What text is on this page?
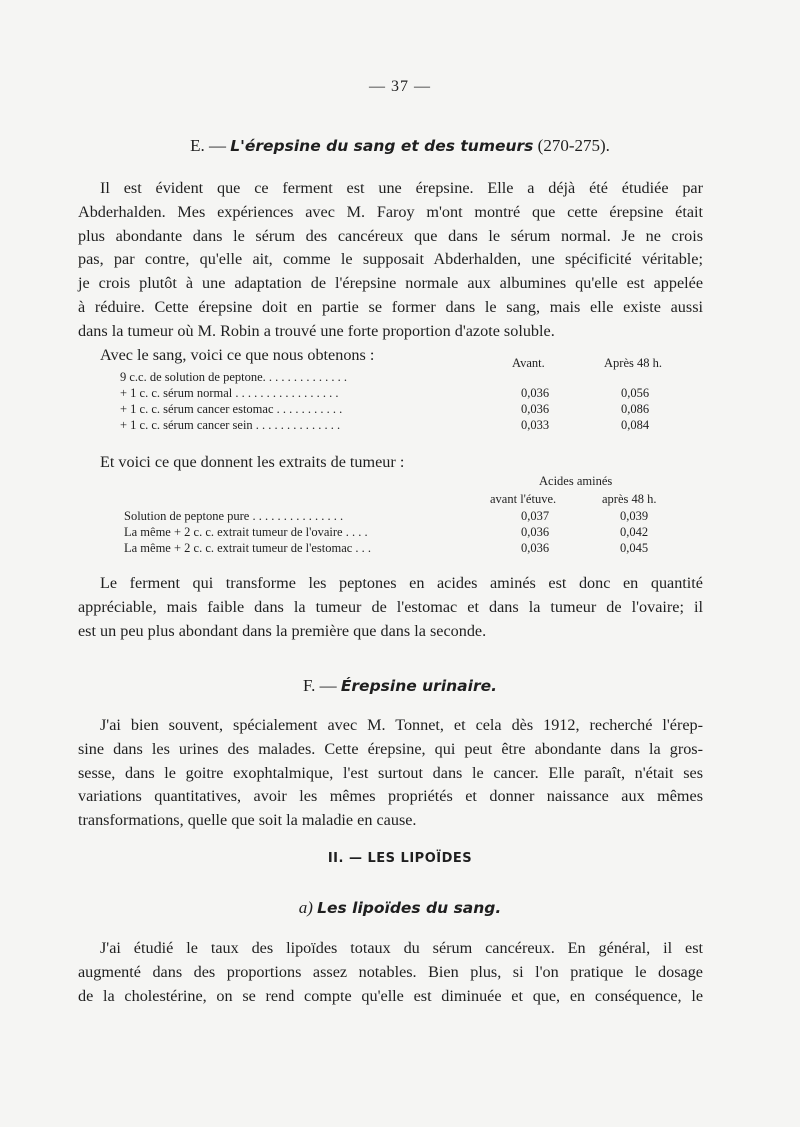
— 37 —
E. — L'érepsine du sang et des tumeurs (270-275).
Il est évident que ce ferment est une érepsine. Elle a déjà été étudiée par
Abderhalden. Mes expériences avec M. Faroy m'ont montré que cette érepsine était
plus abondante dans le sérum des cancéreux que dans le sérum normal. Je ne crois
pas, par contre, qu'elle ait, comme le supposait Abderhalden, une spécificité véritable;
je crois plutôt à une adaptation de l'érepsine normale aux albumines qu'elle est appelée
à réduire. Cette érepsine doit en partie se former dans le sang, mais elle existe aussi
dans la tumeur où M. Robin a trouvé une forte proportion d'azote soluble.
Avec le sang, voici ce que nous obtenons :	Avant.	Après 48 h.
9 c.c. de solution de peptone. . . . . . . . . . . . . .
+ 1 c. c. sérum normal . . . . . . . . . . . . . . . . .	0,036	0,056
+ 1 c. c. sérum cancer estomac . . . . . . . . . . .	0,036	0,086
+ 1 c. c. sérum cancer sein . . . . . . . . . . . . . .	0,033	0,084
Et voici ce que donnent les extraits de tumeur :
Acides aminés
avant l'étuve.	après 48 h.
Solution de peptone pure . . . . . . . . . . . . . . .	0,037	0,039
La même + 2 c. c. extrait tumeur de l'ovaire . . . .	0,036	0,042
La même + 2 c. c. extrait tumeur de l'estomac . . .	0,036	0,045
Le ferment qui transforme les peptones en acides aminés est donc en quantité
appréciable, mais faible dans la tumeur de l'estomac et dans la tumeur de l'ovaire; il
est un peu plus abondant dans la première que dans la seconde.
F. — Érepsine urinaire.
J'ai bien souvent, spécialement avec M. Tonnet, et cela dès 1912, recherché l'érep-
sine dans les urines des malades. Cette érepsine, qui peut être abondante dans la gros-
sesse, dans le goitre exophtalmique, l'est surtout dans le cancer. Elle paraît, n'était ses
variations quantitatives, avoir les mêmes propriétés et donner naissance aux mêmes
transformations, quelle que soit la maladie en cause.
II. — LES LIPOÏDES
a) Les lipoïdes du sang.
J'ai étudié le taux des lipoïdes totaux du sérum cancéreux. En général, il est
augmenté dans des proportions assez notables. Bien plus, si l'on pratique le dosage
de la cholestérine, on se rend compte qu'elle est diminuée et que, en conséquence, le
